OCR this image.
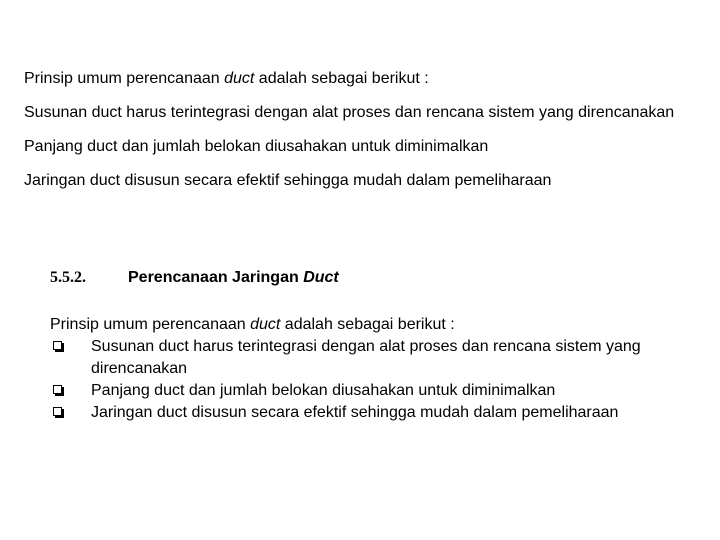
Prinsip umum perencanaan duct adalah sebagai berikut :

Susunan duct harus terintegrasi dengan alat proses dan rencana sistem yang direncanakan

Panjang duct dan jumlah belokan diusahakan untuk diminimalkan

Jaringan duct disusun secara efektif sehingga mudah dalam pemeliharaan

5.5.2.	Perencanaan Jaringan Duct

Prinsip umum perencanaan duct adalah sebagai berikut :

Susunan duct harus terintegrasi dengan alat proses dan rencana sistem yang direncanakan
Panjang duct dan jumlah belokan diusahakan untuk diminimalkan
Jaringan duct disusun secara efektif sehingga mudah dalam pemeliharaan
